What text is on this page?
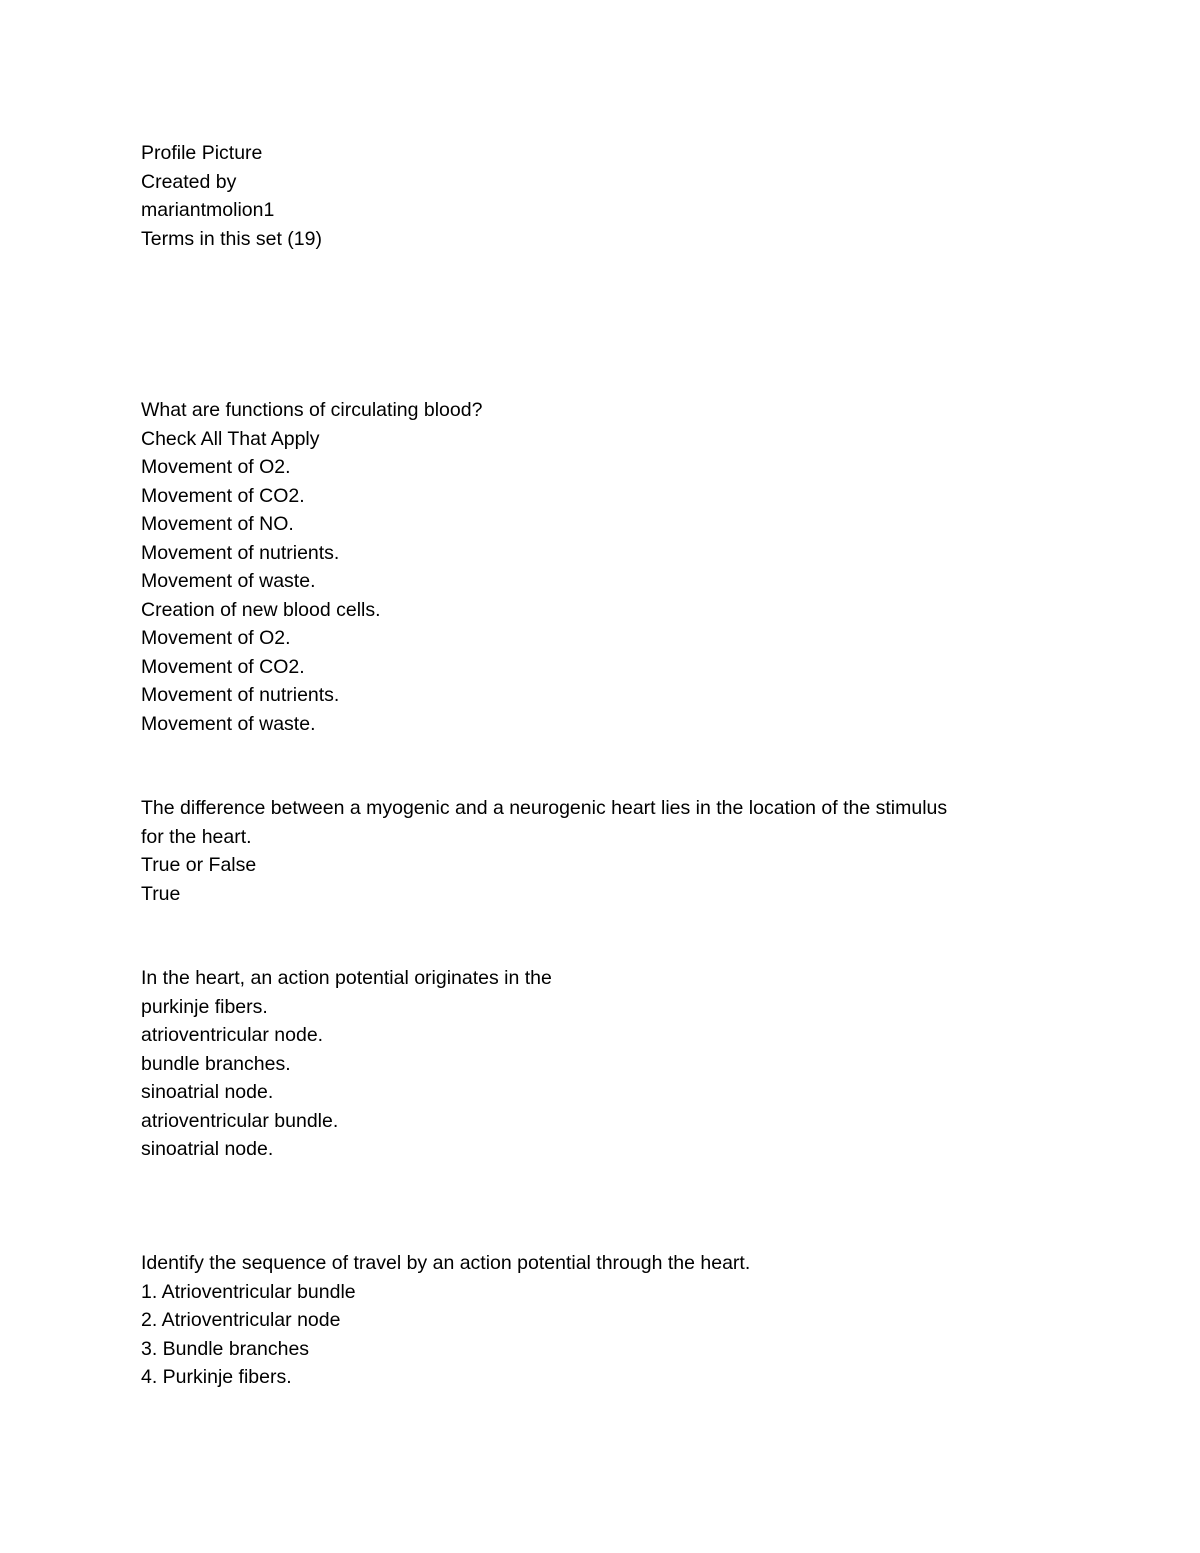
Profile Picture

Created by

mariantmolion1

Terms in this set (19)

What are functions of circulating blood?

Check All That Apply

Movement of O2.

Movement of CO2.

Movement of NO.

Movement of nutrients.

Movement of waste.

Creation of new blood cells.

Movement of O2.

Movement of CO2.

Movement of nutrients.

Movement of waste.

The difference between a myogenic and a neurogenic heart lies in the location of the stimulus

for the heart.

True or False

True

In the heart, an action potential originates in the

purkinje fibers.

atrioventricular node.

bundle branches.

sinoatrial node.

atrioventricular bundle.

sinoatrial node.

Identify the sequence of travel by an action potential through the heart.

1. Atrioventricular bundle

2. Atrioventricular node

3. Bundle branches

4. Purkinje fibers.
